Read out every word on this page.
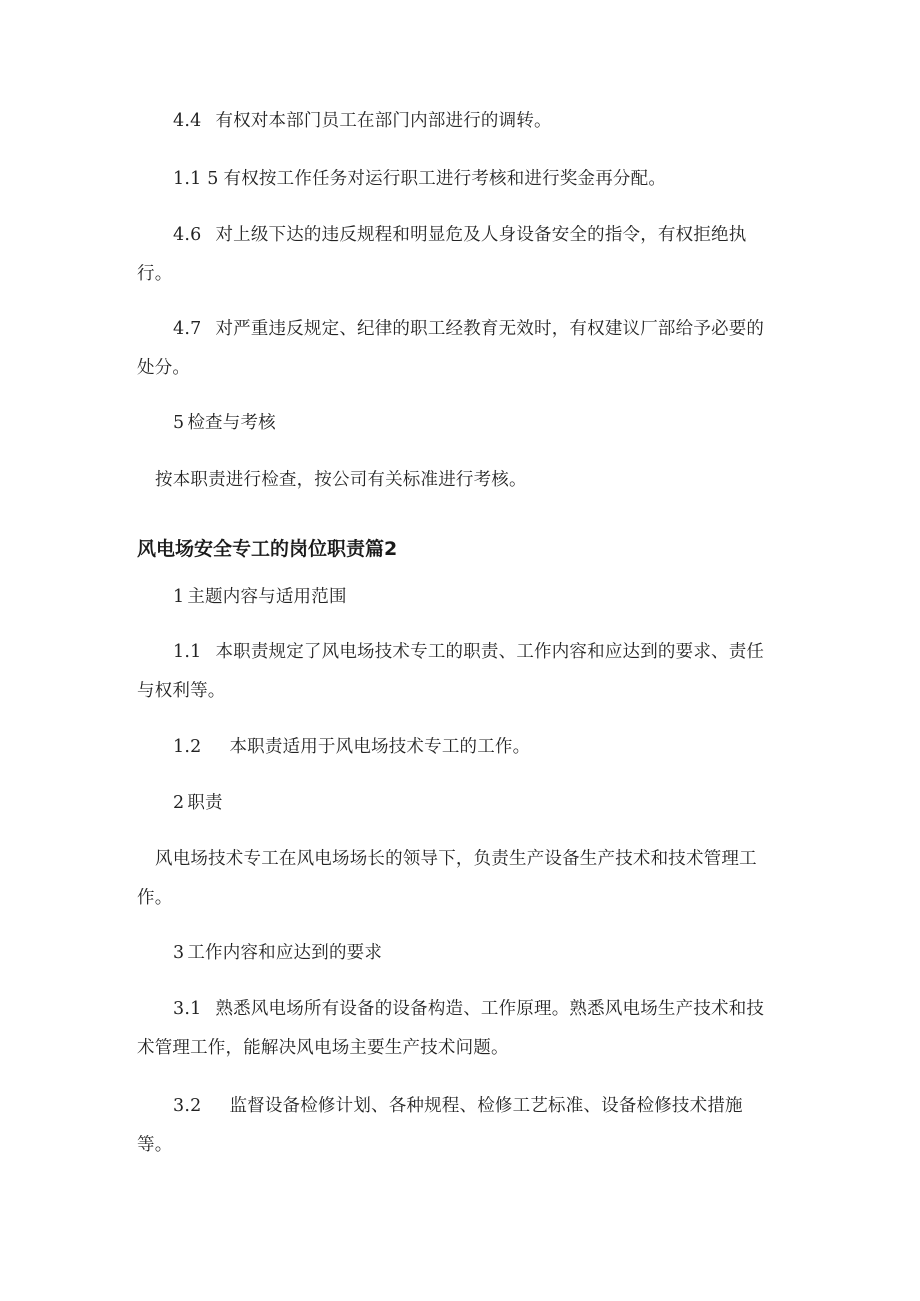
4.4 有权对本部门员工在部门内部进行的调转。

1.1 5 有权按工作任务对运行职工进行考核和进行奖金再分配。

4.6 对上级下达的违反规程和明显危及人身设备安全的指令，有权拒绝执行。

4.7 对严重违反规定、纪律的职工经教育无效时，有权建议厂部给予必要的处分。

5 检查与考核

按本职责进行检查，按公司有关标准进行考核。

风电场安全专工的岗位职责篇2

1 主题内容与适用范围

1.1 本职责规定了风电场技术专工的职责、工作内容和应达到的要求、责任与权利等。

1.2 本职责适用于风电场技术专工的工作。

2 职责

风电场技术专工在风电场场长的领导下，负责生产设备生产技术和技术管理工作。

3 工作内容和应达到的要求

3.1 熟悉风电场所有设备的设备构造、工作原理。熟悉风电场生产技术和技术管理工作，能解决风电场主要生产技术问题。

3.2 监督设备检修计划、各种规程、检修工艺标准、设备检修技术措施等。
